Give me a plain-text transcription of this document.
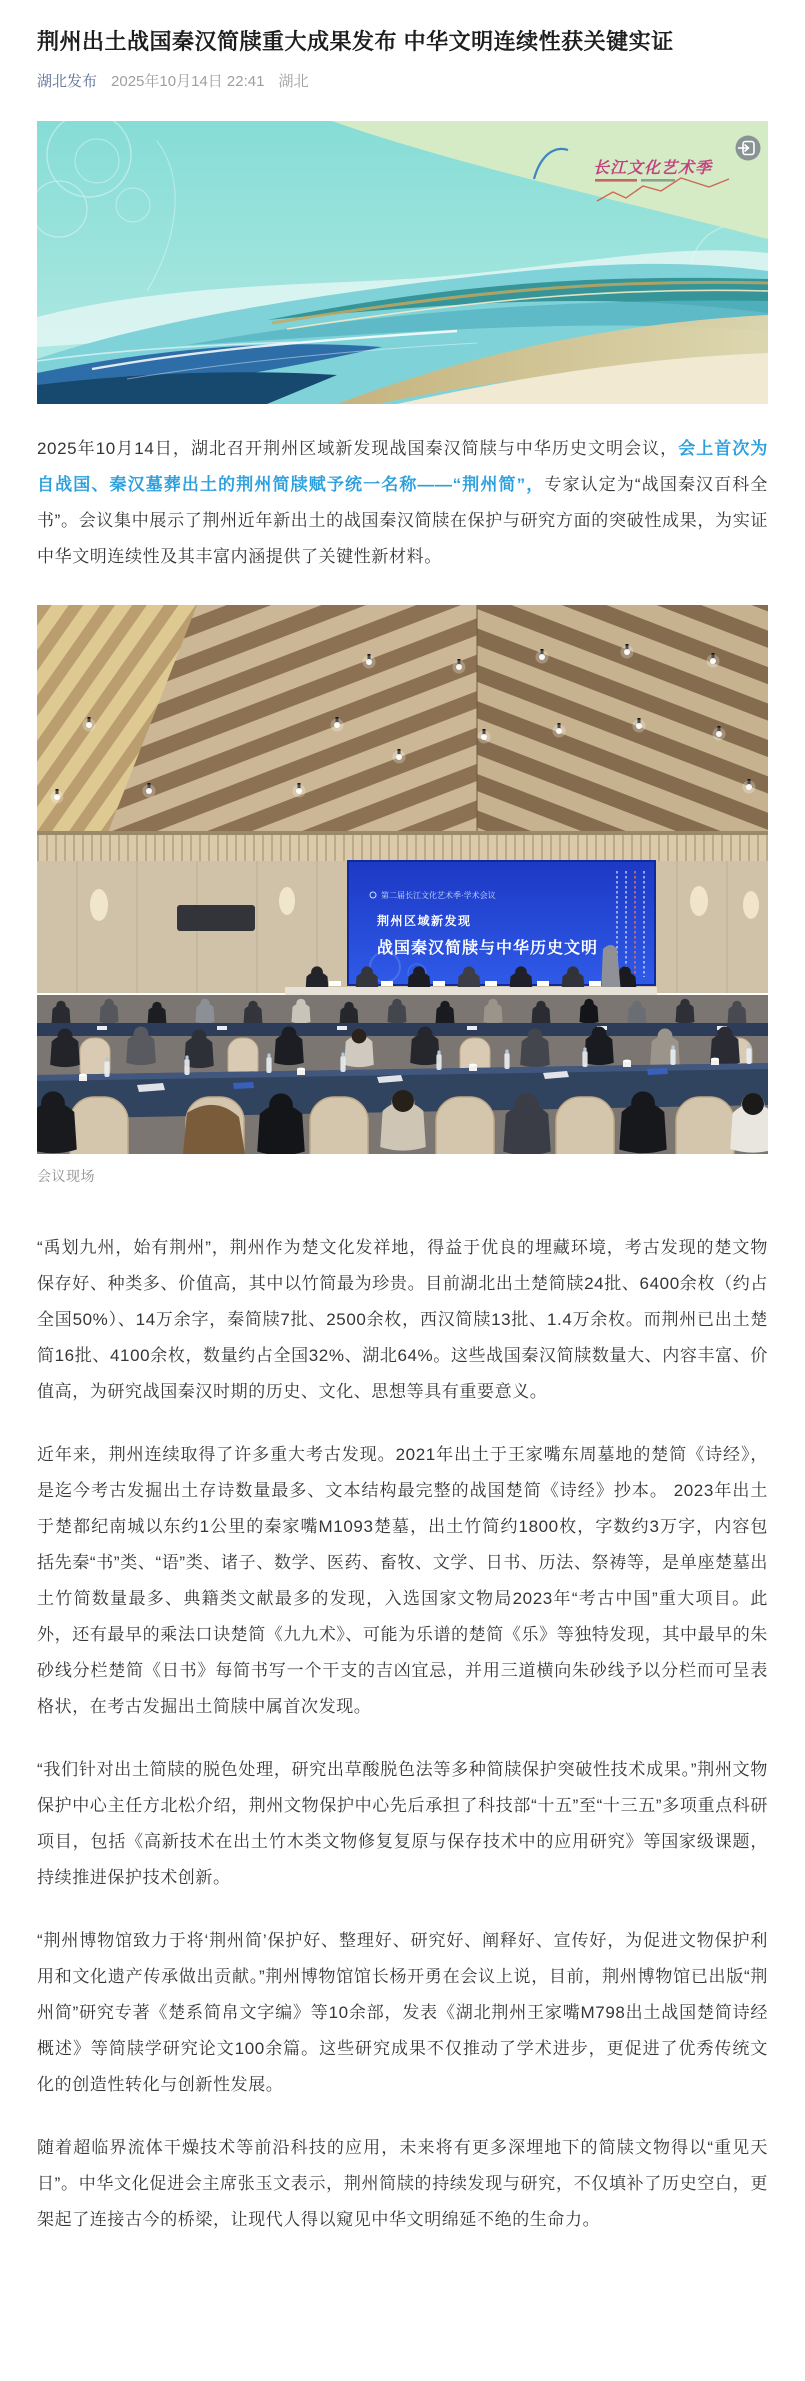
荆州出土战国秦汉简牍重大成果发布 中华文明连续性获关键实证
湖北发布 2025年10月14日 22:41 湖北
长江文化艺术季

2025年10月14日，湖北召开荆州区域新发现战国秦汉简牍与中华历史文明会议，会上首次为自战国、秦汉墓葬出土的荆州简牍赋予统一名称——“荆州简”，专家认定为“战国秦汉百科全书”。会议集中展示了荆州近年新出土的战国秦汉简牍在保护与研究方面的突破性成果，为实证中华文明连续性及其丰富内涵提供了关键性新材料。

第二届长江文化艺术季·学术会议
荆州区域新发现
战国秦汉简牍与中华历史文明
会议现场

“禹划九州，始有荆州”，荆州作为楚文化发祥地，得益于优良的埋藏环境，考古发现的楚文物保存好、种类多、价值高，其中以竹简最为珍贵。目前湖北出土楚简牍24批、6400余枚（约占全国50%）、14万余字，秦简牍7批、2500余枚，西汉简牍13批、1.4万余枚。而荆州已出土楚简16批、4100余枚，数量约占全国32%、湖北64%。这些战国秦汉简牍数量大、内容丰富、价值高，为研究战国秦汉时期的历史、文化、思想等具有重要意义。

近年来，荆州连续取得了许多重大考古发现。2021年出土于王家嘴东周墓地的楚简《诗经》，是迄今考古发掘出土存诗数量最多、文本结构最完整的战国楚简《诗经》抄本。 2023年出土于楚都纪南城以东约1公里的秦家嘴M1093楚墓，出土竹简约1800枚，字数约3万字，内容包括先秦“书”类、“语”类、诸子、数学、医药、畜牧、文学、日书、历法、祭祷等，是单座楚墓出土竹简数量最多、典籍类文献最多的发现，入选国家文物局2023年“考古中国”重大项目。此外，还有最早的乘法口诀楚简《九九术》、可能为乐谱的楚简《乐》等独特发现，其中最早的朱砂线分栏楚简《日书》每简书写一个干支的吉凶宜忌，并用三道横向朱砂线予以分栏而可呈表格状，在考古发掘出土简牍中属首次发现。

“我们针对出土简牍的脱色处理，研究出草酸脱色法等多种简牍保护突破性技术成果。”荆州文物保护中心主任方北松介绍，荆州文物保护中心先后承担了科技部“十五”至“十三五”多项重点科研项目，包括《高新技术在出土竹木类文物修复复原与保存技术中的应用研究》等国家级课题，持续推进保护技术创新。

“荆州博物馆致力于将‘荆州简’保护好、整理好、研究好、阐释好、宣传好，为促进文物保护利用和文化遗产传承做出贡献。”荆州博物馆馆长杨开勇在会议上说，目前，荆州博物馆已出版“荆州简”研究专著《楚系简帛文字编》等10余部，发表《湖北荆州王家嘴M798出土战国楚简诗经概述》等简牍学研究论文100余篇。这些研究成果不仅推动了学术进步，更促进了优秀传统文化的创造性转化与创新性发展。

随着超临界流体干燥技术等前沿科技的应用，未来将有更多深埋地下的简牍文物得以“重见天日”。中华文化促进会主席张玉文表示，荆州简牍的持续发现与研究，不仅填补了历史空白，更架起了连接古今的桥梁，让现代人得以窥见中华文明绵延不绝的生命力。
